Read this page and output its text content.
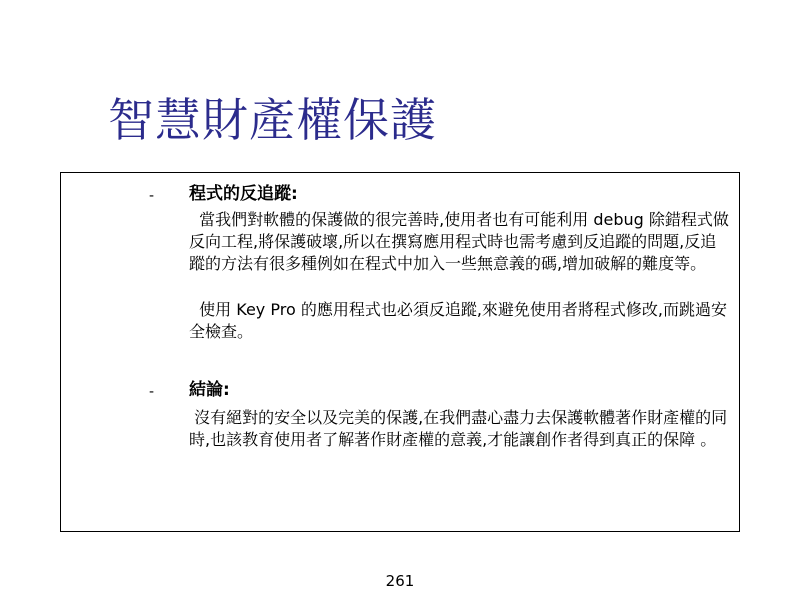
智慧財產權保護
- 程式的反追蹤:

當我們對軟體的保護做的很完善時,使用者也有可能利用 debug 除錯程式做反向工程,將保護破壞,所以在撰寫應用程式時也需考慮到反追蹤的問題,反追蹤的方法有很多種例如在程式中加入一些無意義的碼,增加破解的難度等。

使用 Key Pro 的應用程式也必須反追蹤,來避免使用者將程式修改,而跳過安全檢查。

- 結論:

沒有絕對的安全以及完美的保護,在我們盡心盡力去保護軟體著作財產權的同時,也該教育使用者了解著作財產權的意義,才能讓創作者得到真正的保障 。

261
